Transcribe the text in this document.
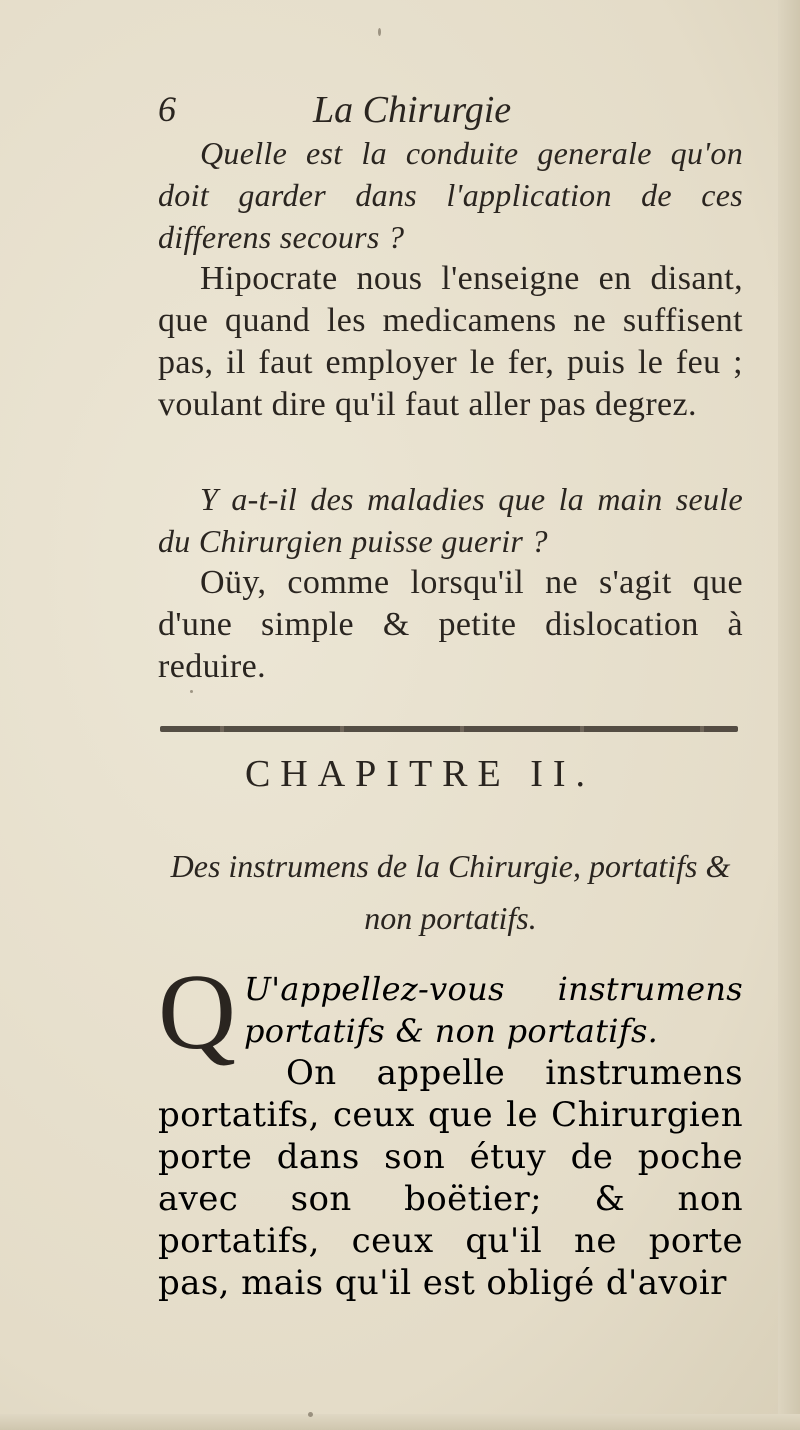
6	La Chirurgie

Quelle est la conduite generale qu'on doit garder dans l'application de ces differens secours ?

Hipocrate nous l'enseigne en disant, que quand les medicamens ne suffisent pas, il faut employer le fer, puis le feu ; voulant dire qu'il faut aller pas degrez.

Y a-t-il des maladies que la main seule du Chirurgien puisse guerir ?

Oüy, comme lorsqu'il ne s'agit que d'une simple & petite dislocation à reduire.

CHAPITRE II.
Des instrumens de la Chirurgie, portatifs & non portatifs.
Q U'appellez-vous instrumens portatifs & non portatifs.

On appelle instrumens portatifs, ceux que le Chirurgien porte dans son étuy de poche avec son boëtier; & non portatifs, ceux qu'il ne porte pas, mais qu'il est obligé d'avoir
